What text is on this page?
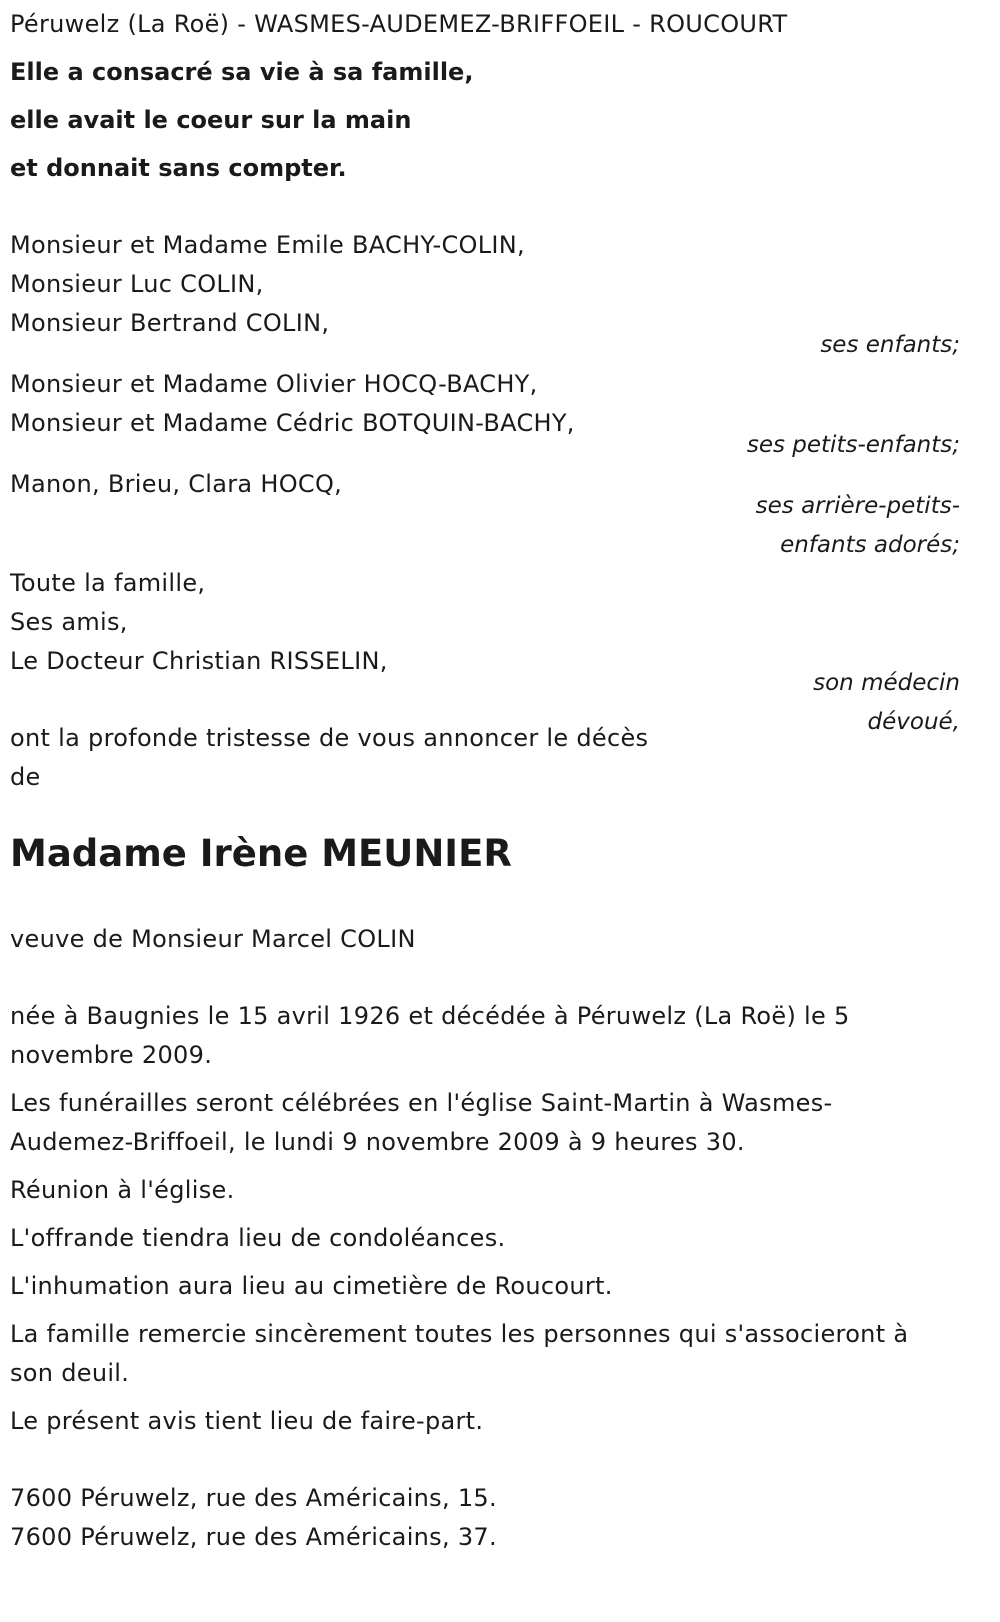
Péruwelz (La Roë) - WASMES-AUDEMEZ-BRIFFOEIL - ROUCOURT
Elle a consacré sa vie à sa famille,
elle avait le coeur sur la main
et donnait sans compter.
Monsieur et Madame Emile BACHY-COLIN,
Monsieur Luc COLIN,
Monsieur Bertrand COLIN,
ses enfants;
Monsieur et Madame Olivier HOCQ-BACHY,
Monsieur et Madame Cédric BOTQUIN-BACHY,
ses petits-enfants;
Manon, Brieu, Clara HOCQ,
ses arrière-petits-
enfants adorés;
Toute la famille,
Ses amis,
Le Docteur Christian RISSELIN,
son médecin
dévoué,
ont la profonde tristesse de vous annoncer le décès
de
Madame Irène MEUNIER
veuve de Monsieur Marcel COLIN
née à Baugnies le 15 avril 1926 et décédée à Péruwelz (La Roë) le 5
novembre 2009.
Les funérailles seront célébrées en l'église Saint-Martin à Wasmes-
Audemez-Briffoeil, le lundi 9 novembre 2009 à 9 heures 30.
Réunion à l'église.
L'offrande tiendra lieu de condoléances.
L'inhumation aura lieu au cimetière de Roucourt.
La famille remercie sincèrement toutes les personnes qui s'associeront à
son deuil.
Le présent avis tient lieu de faire-part.
7600 Péruwelz, rue des Américains, 15.
7600 Péruwelz, rue des Américains, 37.
